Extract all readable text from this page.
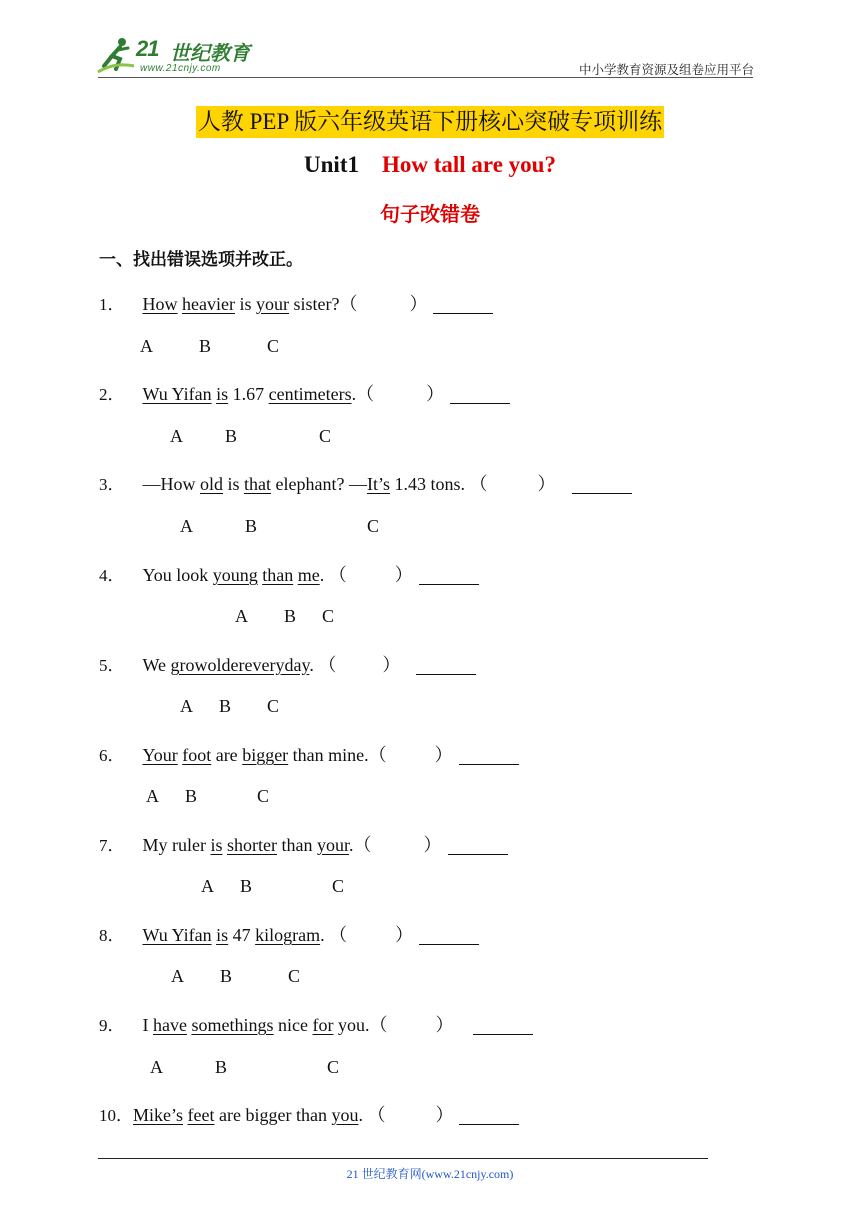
21 世纪教育
www.21cnjy.com	中小学教育资源及组卷应用平台
人教 PEP 版六年级英语下册核心突破专项训练
Unit1 How tall are you?
句子改错卷
一、找出错误选项并改正。
1． How heavier is your sister?（	）
A	B	C
2． Wu Yifan is 1.67 centimeters.（	）
A B	C
3． —How old is that elephant? —It’s 1.43 tons. （	）
A	B	C
4． You look young than me. （	）
A B C
5． We growoldereveryday. （	）
A B C
6． Your foot are bigger than mine.（	）
A B	C
7． My ruler is shorter than your.（	）
A B	C
8． Wu Yifan is 47 kilogram. （	）
A B	C
9． I have somethings nice for you.（	）
A	B	C
10．Mike’s feet are bigger than you. （	）
21 世纪教育网(www.21cnjy.com)
